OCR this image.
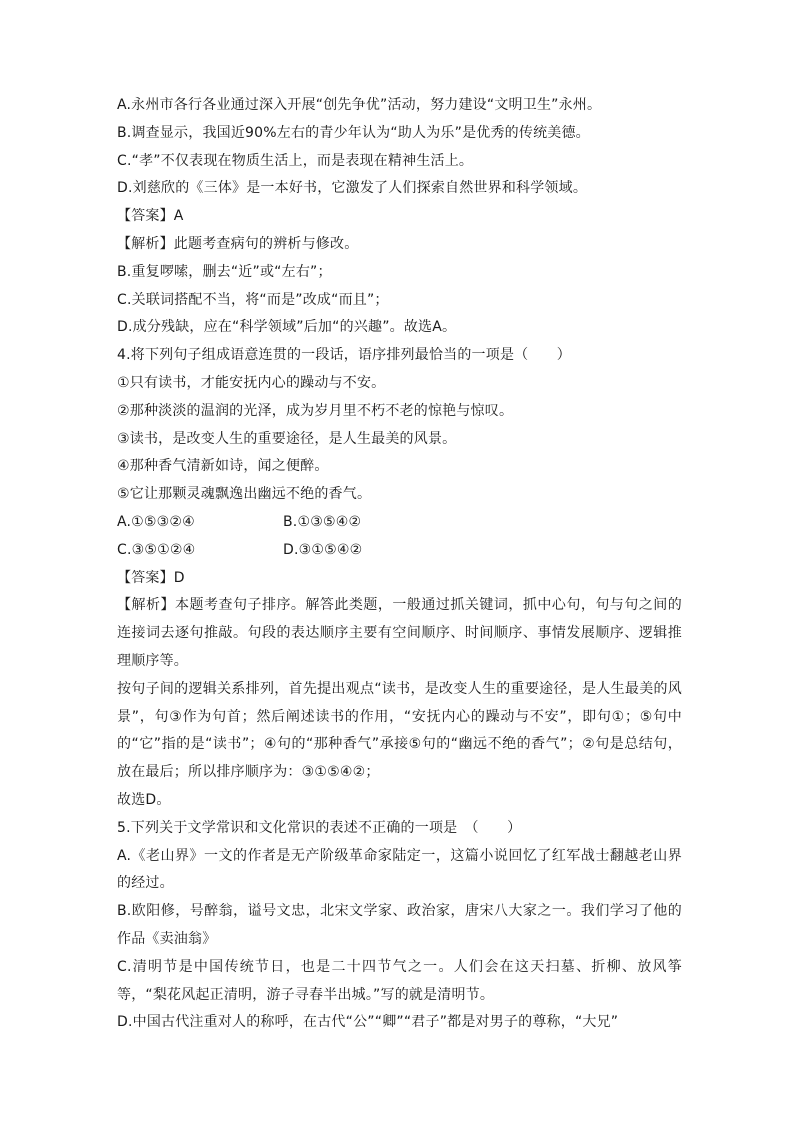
A.永州市各行各业通过深入开展“创先争优”活动，努力建设“文明卫生”永州。
B.调查显示，我国近90%左右的青少年认为“助人为乐”是优秀的传统美德。
C.“孝”不仅表现在物质生活上，而是表现在精神生活上。
D.刘慈欣的《三体》是一本好书，它激发了人们探索自然世界和科学领域。
【答案】A
【解析】此题考查病句的辨析与修改。
B.重复啰嗦，删去“近”或“左右”；
C.关联词搭配不当，将“而是”改成“而且”；
D.成分残缺，应在“科学领域”后加“的兴趣”。故选A。
4.将下列句子组成语意连贯的一段话，语序排列最恰当的一项是（　　）
①只有读书，才能安抚内心的躁动与不安。
②那种淡淡的温润的光泽，成为岁月里不朽不老的惊艳与惊叹。
③读书，是改变人生的重要途径，是人生最美的风景。
④那种香气清新如诗，闻之便醉。
⑤它让那颗灵魂飘逸出幽远不绝的香气。
A.①⑤③②④	B.①③⑤④②
C.③⑤①②④	D.③①⑤④②
【答案】D
【解析】本题考查句子排序。解答此类题，一般通过抓关键词，抓中心句，句与句之间的连接词去逐句推敲。句段的表达顺序主要有空间顺序、时间顺序、事情发展顺序、逻辑推理顺序等。
按句子间的逻辑关系排列，首先提出观点“读书，是改变人生的重要途径，是人生最美的风景”，句③作为句首；然后阐述读书的作用，“安抚内心的躁动与不安”，即句①；⑤句中的“它”指的是“读书”；④句的“那种香气”承接⑤句的“幽远不绝的香气”；②句是总结句，放在最后；所以排序顺序为：③①⑤④②；
故选D。
5.下列关于文学常识和文化常识的表述不正确的一项是　（　　）
A.《老山界》一文的作者是无产阶级革命家陆定一，这篇小说回忆了红军战士翻越老山界的经过。
B.欧阳修，号醉翁，谥号文忠，北宋文学家、政治家，唐宋八大家之一。我们学习了他的作品《卖油翁》
C.清明节是中国传统节日，也是二十四节气之一。人们会在这天扫墓、折柳、放风筝等，“梨花风起正清明，游子寻春半出城。”写的就是清明节。
D.中国古代注重对人的称呼，在古代“公”“卿”“君子”都是对男子的尊称，“大兄”
